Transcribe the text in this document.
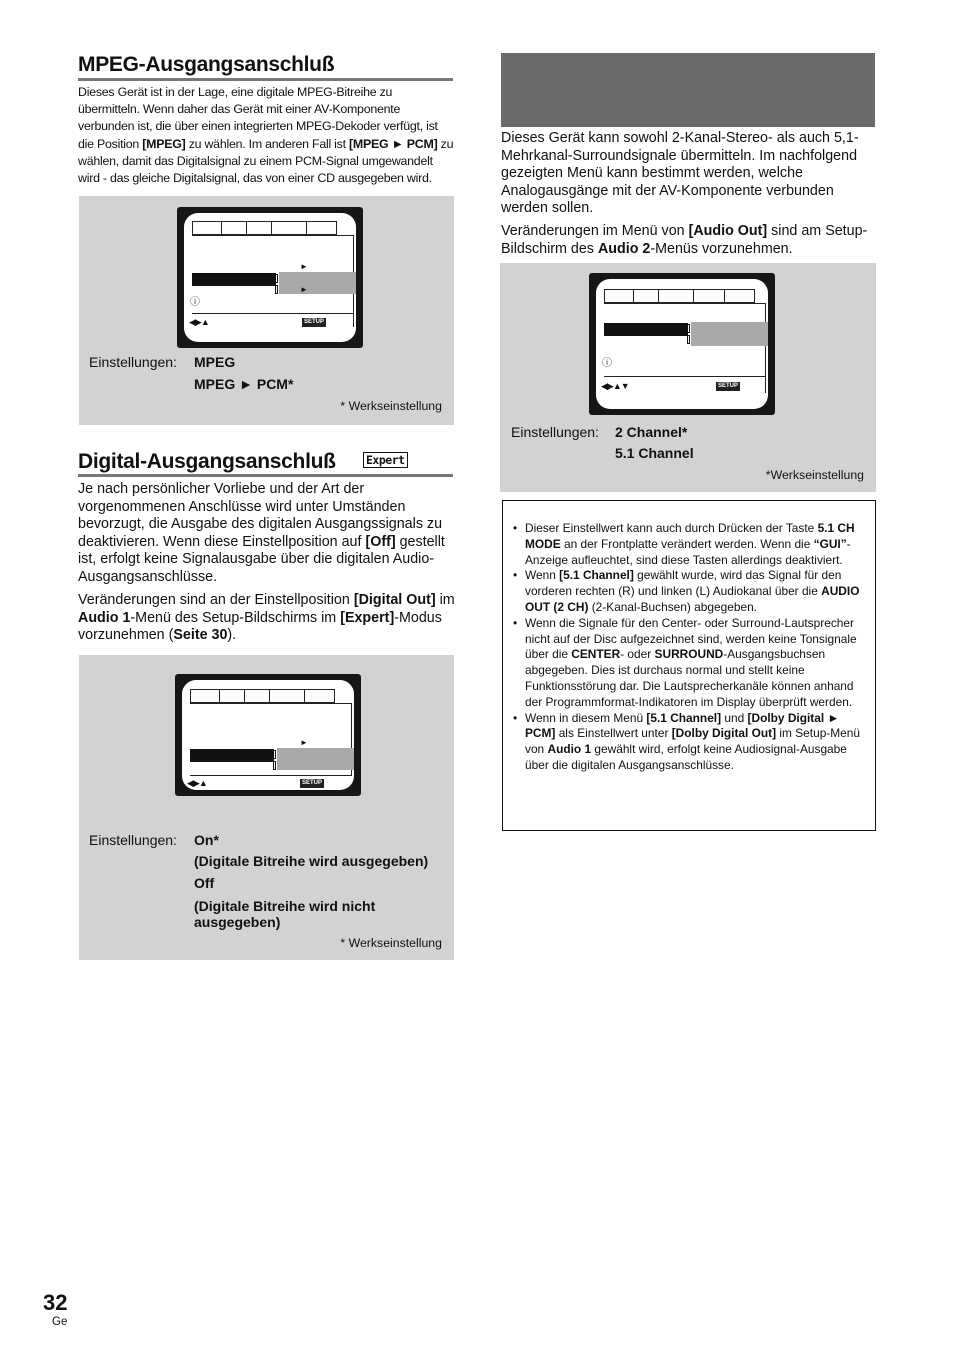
MPEG-Ausgangsanschluß
Dieses Gerät ist in der Lage, eine digitale MPEG-Bitreihe zu übermitteln. Wenn daher das Gerät mit einer AV-Komponente verbunden ist, die über einen integrierten MPEG-Dekoder verfügt, ist die Position [MPEG] zu wählen. Im anderen Fall ist [MPEG ► PCM] zu wählen, damit das Digitalsignal zu einem PCM-Signal umgewandelt wird - das gleiche Digitalsignal, das von einer CD ausgegeben wird.
►
►
ⓘ
◀▶▲	SETUP
Einstellungen: MPEG
MPEG ► PCM*
* Werkseinstellung
Digital-Ausgangsanschluß	Expert
Je nach persönlicher Vorliebe und der Art der vorgenommenen Anschlüsse wird unter Umständen bevorzugt, die Ausgabe des digitalen Ausgangssignals zu deaktivieren. Wenn diese Einstellposition auf [Off] gestellt ist, erfolgt keine Signalausgabe über die digitalen Audio-Ausgangsanschlüsse.
Veränderungen sind an der Einstellposition [Digital Out] im Audio 1-Menü des Setup-Bildschirms im [Expert]-Modus vorzunehmen (Seite 30).
►
◀▶▲	SETUP
Einstellungen: On*
(Digitale Bitreihe wird ausgegeben)
Off
(Digitale Bitreihe wird nicht ausgegeben)
* Werkseinstellung
Dieses Gerät kann sowohl 2-Kanal-Stereo- als auch 5,1-Mehrkanal-Surroundsignale übermitteln. Im nachfolgend gezeigten Menü kann bestimmt werden, welche Analogausgänge mit der AV-Komponente verbunden werden sollen.
Veränderungen im Menü von [Audio Out] sind am Setup-Bildschirm des Audio 2-Menüs vorzunehmen.
ⓘ
◀▶▲▼	SETUP
Einstellungen: 2 Channel*
5.1 Channel
*Werkseinstellung
• Dieser Einstellwert kann auch durch Drücken der Taste 5.1 CH MODE an der Frontplatte verändert werden. Wenn die “GUI”-Anzeige aufleuchtet, sind diese Tasten allerdings deaktiviert.
• Wenn [5.1 Channel] gewählt wurde, wird das Signal für den vorderen rechten (R) und linken (L) Audiokanal über die AUDIO OUT (2 CH) (2-Kanal-Buchsen) abgegeben.
• Wenn die Signale für den Center- oder Surround-Lautsprecher nicht auf der Disc aufgezeichnet sind, werden keine Tonsignale über die CENTER- oder SURROUND-Ausgangsbuchsen abgegeben. Dies ist durchaus normal und stellt keine Funktionsstörung dar. Die Lautsprecherkanäle können anhand der Programmformat-Indikatoren im Display überprüft werden.
• Wenn in diesem Menü [5.1 Channel] und [Dolby Digital ► PCM] als Einstellwert unter [Dolby Digital Out] im Setup-Menü von Audio 1 gewählt wird, erfolgt keine Audiosignal-Ausgabe über die digitalen Ausgangsanschlüsse.
32
Ge
